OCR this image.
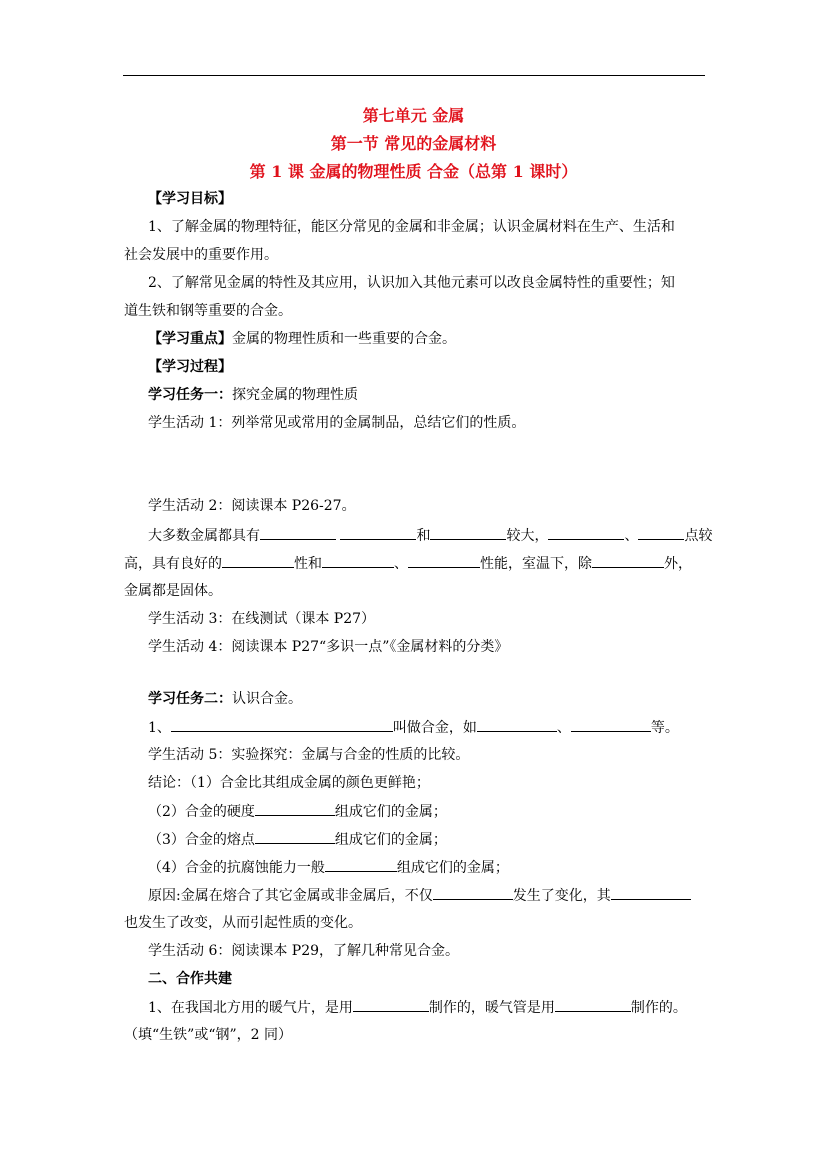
第七单元 金属
第一节 常见的金属材料
第 1 课 金属的物理性质 合金（总第 1 课时）
【学习目标】
1、了解金属的物理特征，能区分常见的金属和非金属；认识金属材料在生产、生活和
社会发展中的重要作用。
2、了解常见金属的特性及其应用，认识加入其他元素可以改良金属特性的重要性；知
道生铁和钢等重要的合金。
【学习重点】金属的物理性质和一些重要的合金。
【学习过程】
学习任务一：探究金属的物理性质
学生活动 1：列举常见或常用的金属制品，总结它们的性质。
学生活动 2：阅读课本 P26-27。
大多数金属都具有	和	较大，	、	点较
高，具有良好的	性和	、	性能，室温下，除	外，
金属都是固体。
学生活动 3：在线测试（课本 P27）
学生活动 4：阅读课本 P27“多识一点”《金属材料的分类》
学习任务二：认识合金。
1、	叫做合金，如	、	等。
学生活动 5：实验探究：金属与合金的性质的比较。
结论：（1）合金比其组成金属的颜色更鲜艳；
（2）合金的硬度	组成它们的金属；
（3）合金的熔点	组成它们的金属；
（4）合金的抗腐蚀能力一般	组成它们的金属；
原因:金属在熔合了其它金属或非金属后，不仅	发生了变化，其
也发生了改变，从而引起性质的变化。
学生活动 6：阅读课本 P29，了解几种常见合金。
二、合作共建
1、在我国北方用的暖气片，是用	制作的，暖气管是用	制作的。
（填“生铁”或“钢”，2 同）
